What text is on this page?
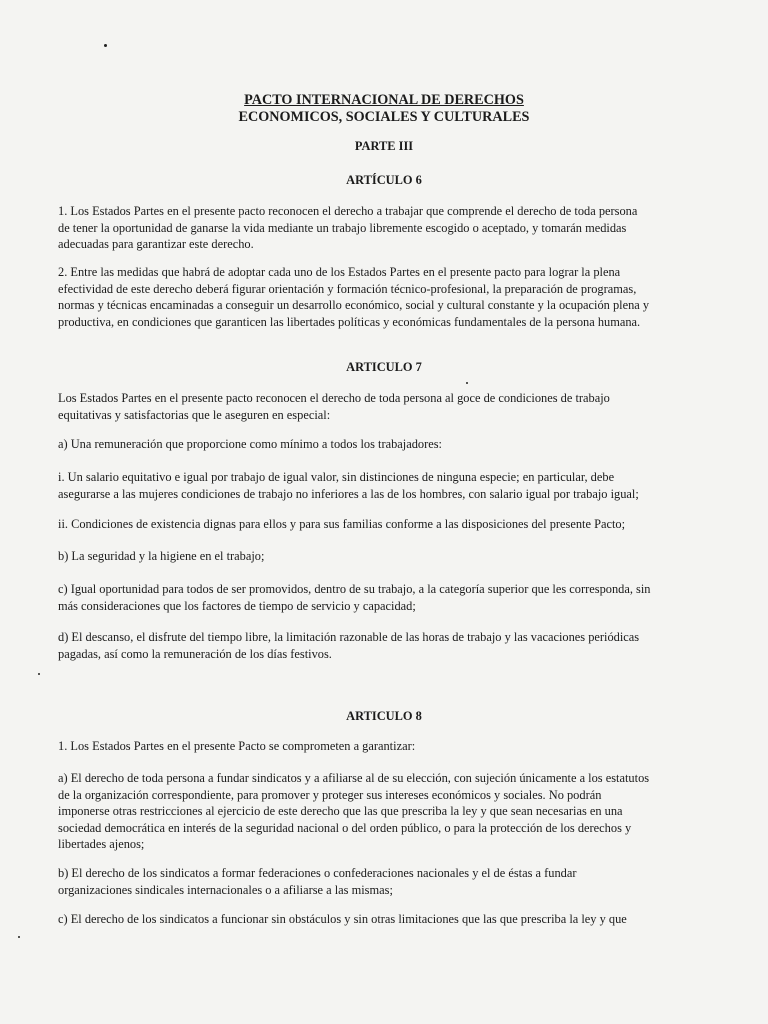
PACTO INTERNACIONAL DE DERECHOS
ECONOMICOS, SOCIALES Y CULTURALES
PARTE III
ARTÍCULO 6

1. Los Estados Partes en el presente pacto reconocen el derecho a trabajar que comprende el derecho de toda persona
de tener la oportunidad de ganarse la vida mediante un trabajo libremente escogido o aceptado, y tomarán medidas
adecuadas para garantizar este derecho.

2. Entre las medidas que habrá de adoptar cada uno de los Estados Partes en el presente pacto para lograr la plena
efectividad de este derecho deberá figurar orientación y formación técnico-profesional, la preparación de programas,
normas y técnicas encaminadas a conseguir un desarrollo económico, social y cultural constante y la ocupación plena y
productiva, en condiciones que garanticen las libertades políticas y económicas fundamentales de la persona humana.

ARTICULO 7

Los Estados Partes en el presente pacto reconocen el derecho de toda persona al goce de condiciones de trabajo
equitativas y satisfactorias que le aseguren en especial:

a) Una remuneración que proporcione como mínimo a todos los trabajadores:

i. Un salario equitativo e igual por trabajo de igual valor, sin distinciones de ninguna especie; en particular, debe
asegurarse a las mujeres condiciones de trabajo no inferiores a las de los hombres, con salario igual por trabajo igual;

ii. Condiciones de existencia dignas para ellos y para sus familias conforme a las disposiciones del presente Pacto;

b) La seguridad y la higiene en el trabajo;

c) Igual oportunidad para todos de ser promovidos, dentro de su trabajo, a la categoría superior que les corresponda, sin
más consideraciones que los factores de tiempo de servicio y capacidad;

d) El descanso, el disfrute del tiempo libre, la limitación razonable de las horas de trabajo y las vacaciones periódicas
pagadas, así como la remuneración de los días festivos.

ARTICULO 8

1. Los Estados Partes en el presente Pacto se comprometen a garantizar:

a) El derecho de toda persona a fundar sindicatos y a afiliarse al de su elección, con sujeción únicamente a los estatutos
de la organización correspondiente, para promover y proteger sus intereses económicos y sociales. No podrán
imponerse otras restricciones al ejercicio de este derecho que las que prescriba la ley y que sean necesarias en una
sociedad democrática en interés de la seguridad nacional o del orden público, o para la protección de los derechos y
libertades ajenos;

b) El derecho de los sindicatos a formar federaciones o confederaciones nacionales y el de éstas a fundar
organizaciones sindicales internacionales o a afiliarse a las mismas;

c) El derecho de los sindicatos a funcionar sin obstáculos y sin otras limitaciones que las que prescriba la ley y que
